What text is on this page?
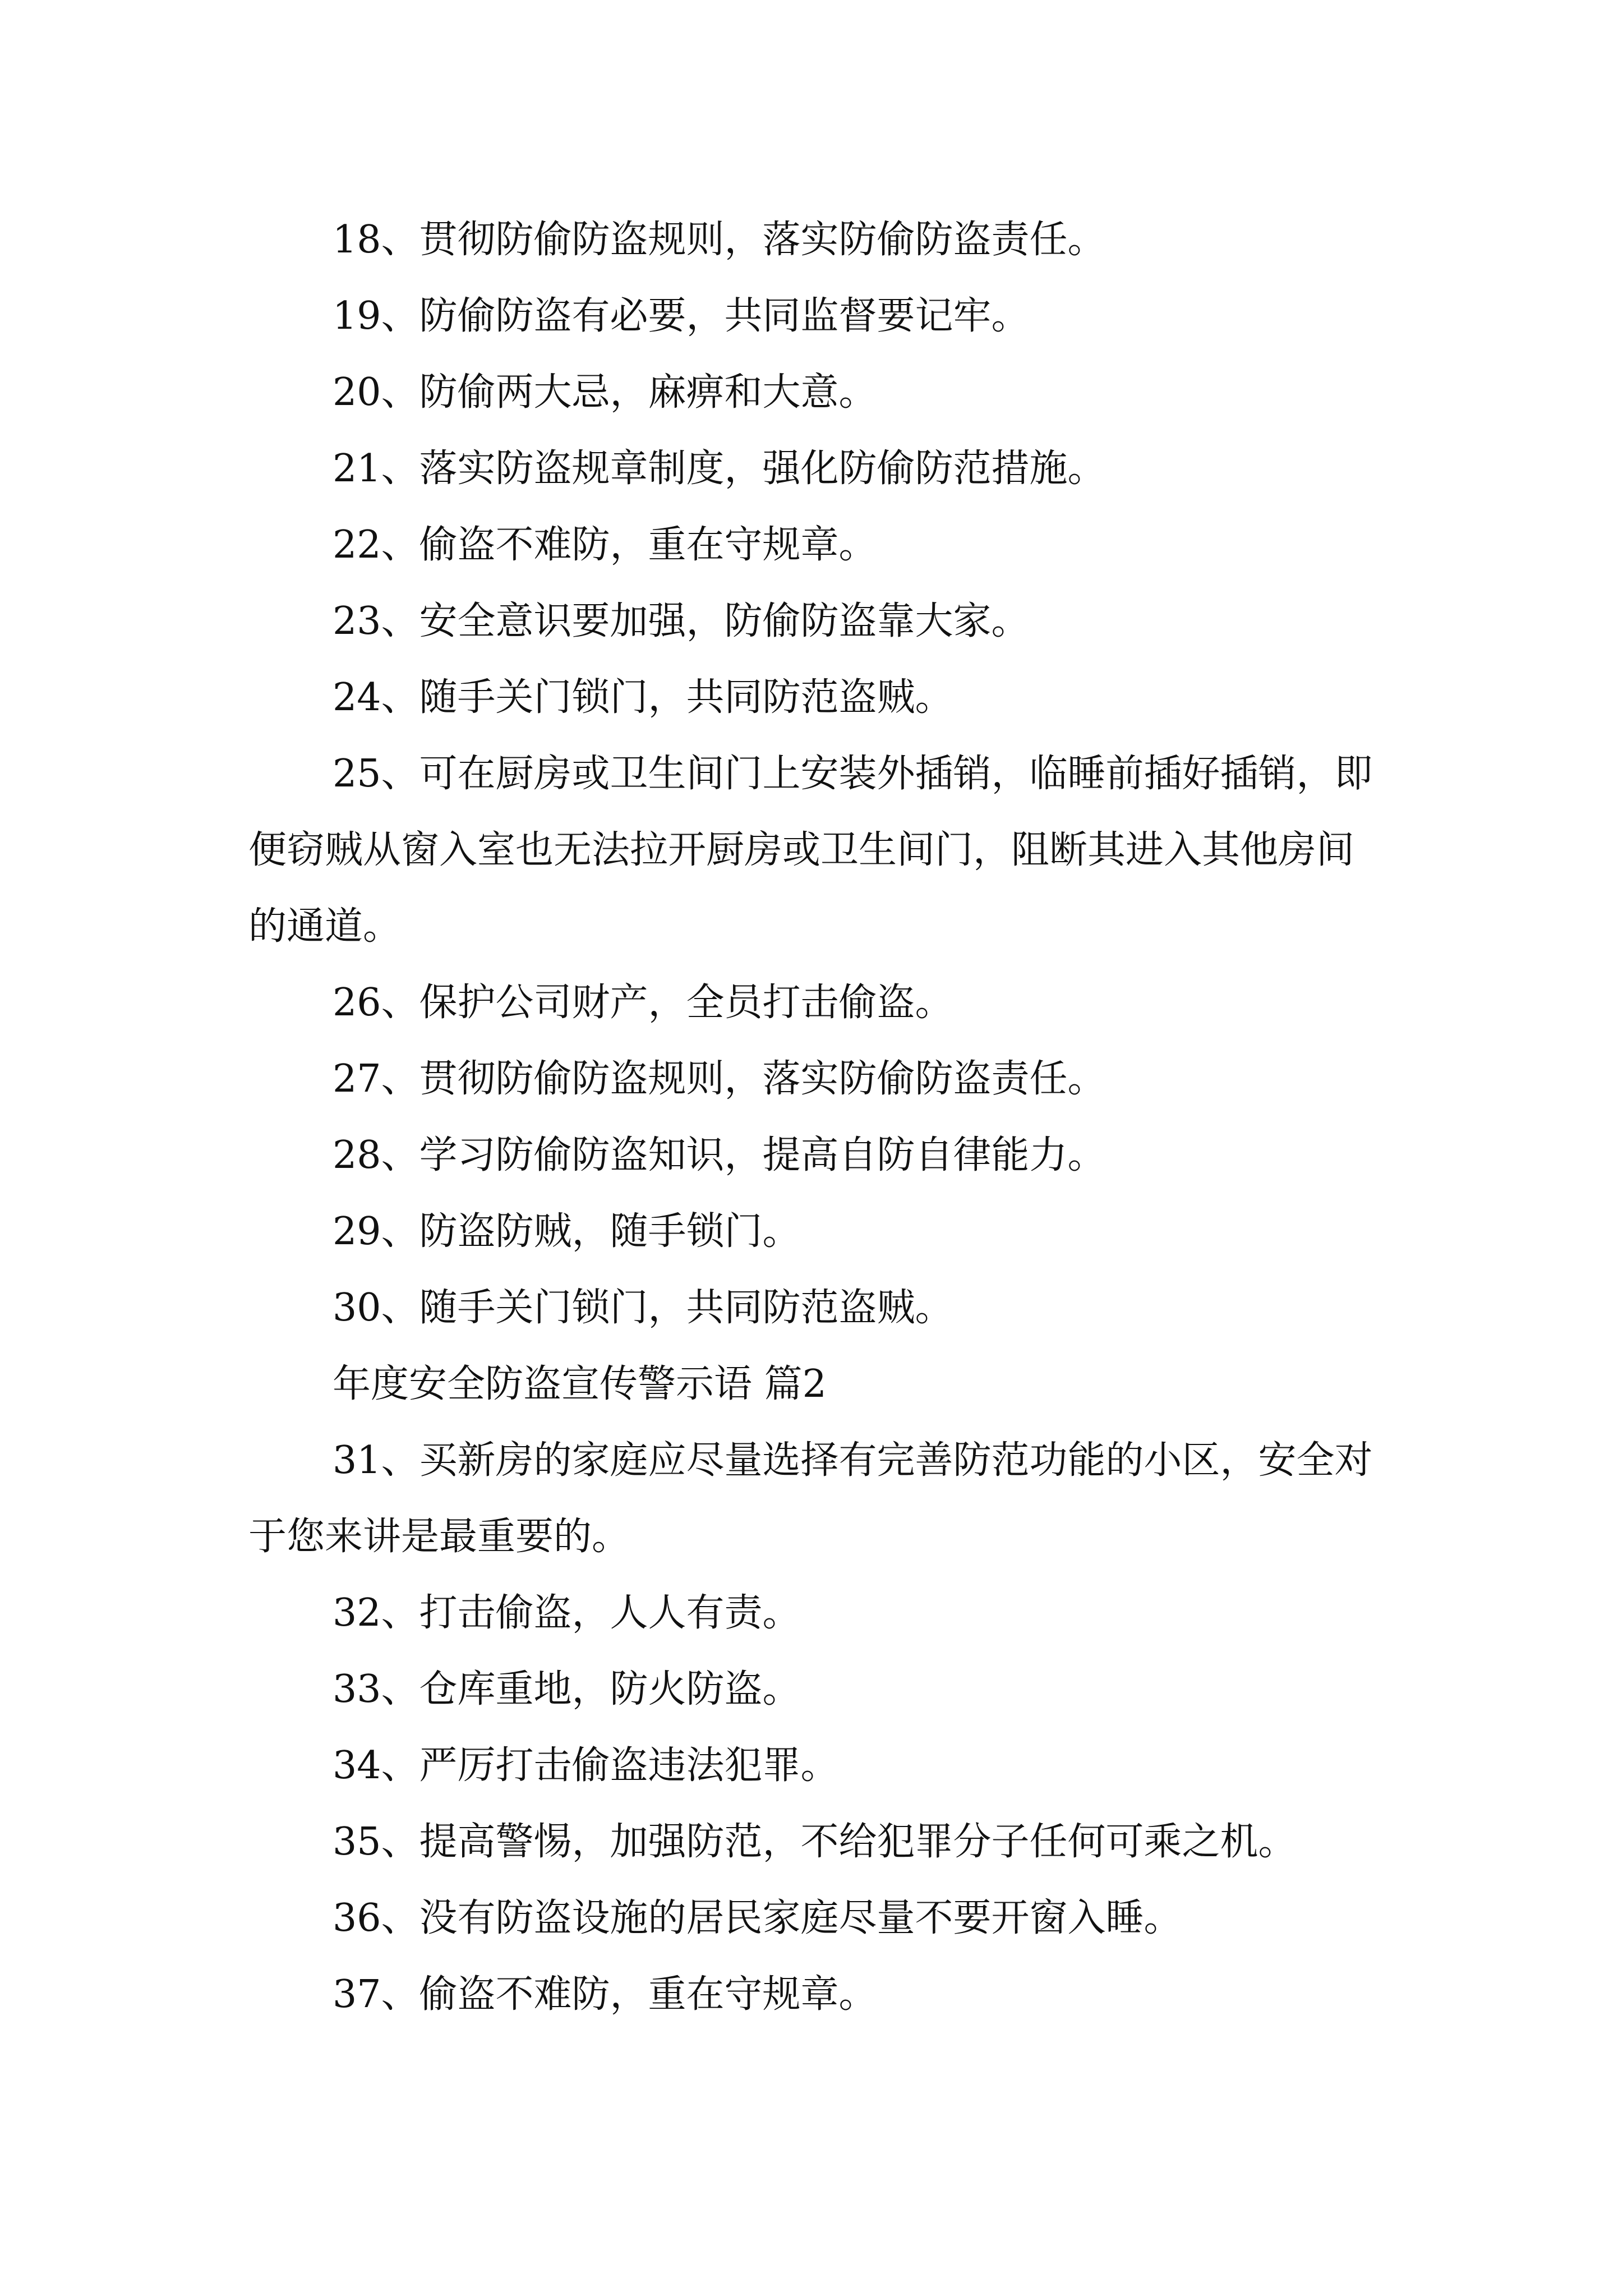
18、贯彻防偷防盗规则，落实防偷防盗责任。

19、防偷防盗有必要，共同监督要记牢。

20、防偷两大忌，麻痹和大意。

21、落实防盗规章制度，强化防偷防范措施。

22、偷盗不难防，重在守规章。

23、安全意识要加强，防偷防盗靠大家。

24、随手关门锁门，共同防范盗贼。

25、可在厨房或卫生间门上安装外插销，临睡前插好插销，即便窃贼从窗入室也无法拉开厨房或卫生间门，阻断其进入其他房间的通道。

26、保护公司财产，全员打击偷盗。

27、贯彻防偷防盗规则，落实防偷防盗责任。

28、学习防偷防盗知识，提高自防自律能力。

29、防盗防贼，随手锁门。

30、随手关门锁门，共同防范盗贼。

年度安全防盗宣传警示语 篇2

31、买新房的家庭应尽量选择有完善防范功能的小区，安全对于您来讲是最重要的。

32、打击偷盗，人人有责。

33、仓库重地，防火防盗。

34、严厉打击偷盗违法犯罪。

35、提高警惕，加强防范，不给犯罪分子任何可乘之机。

36、没有防盗设施的居民家庭尽量不要开窗入睡。

37、偷盗不难防，重在守规章。
